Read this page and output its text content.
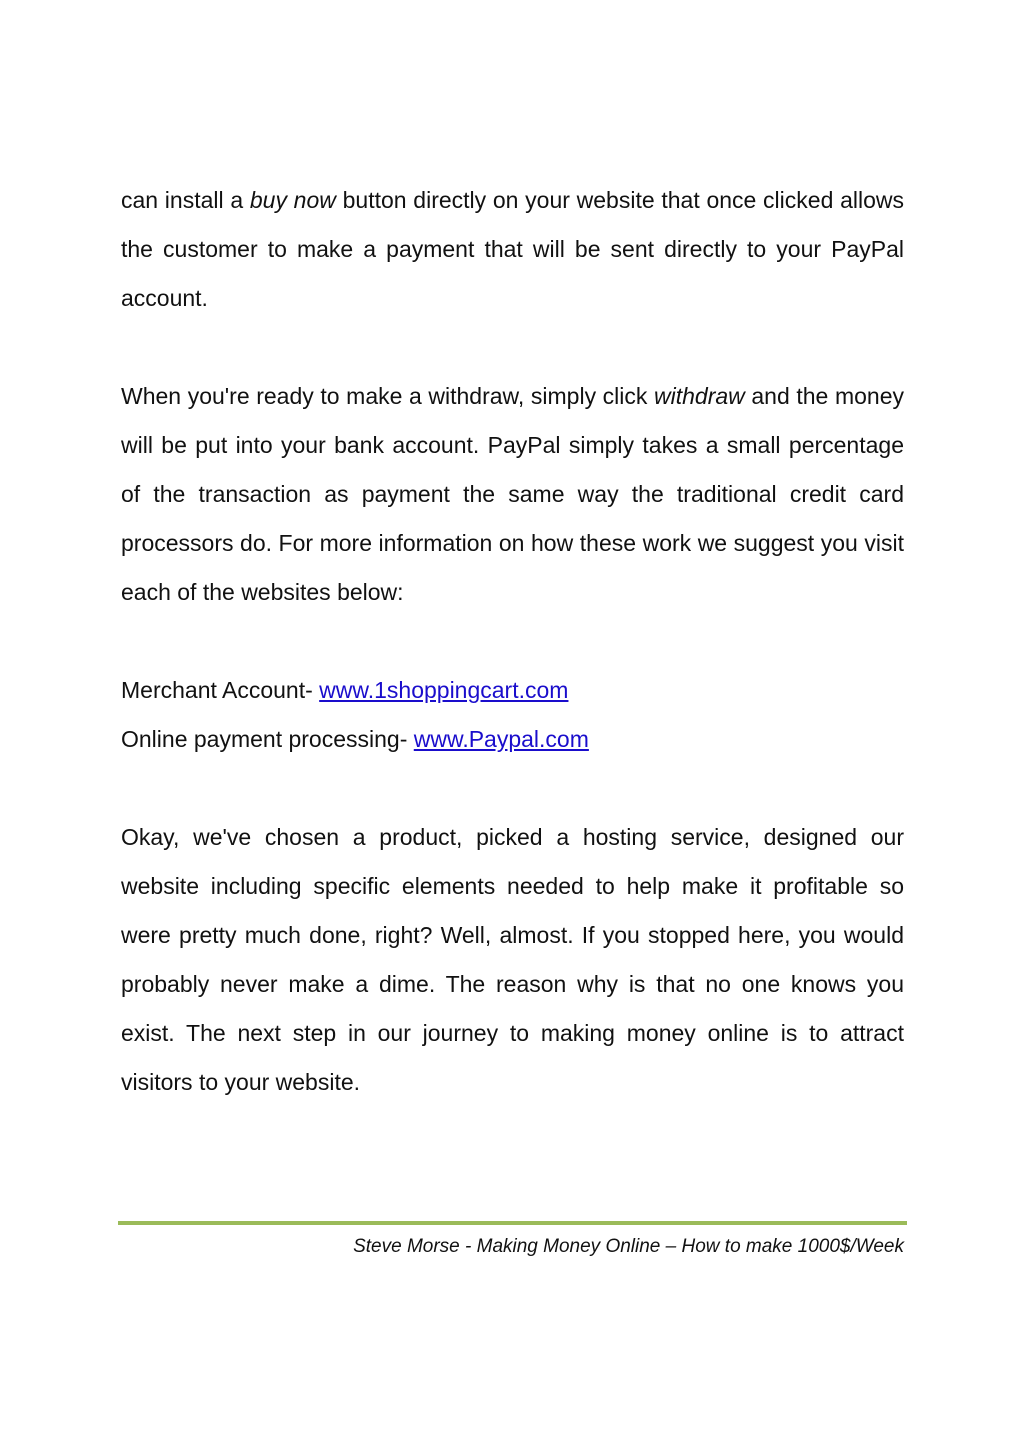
can install a buy now button directly on your website that once clicked allows the customer to make a payment that will be sent directly to your PayPal account.

When you're ready to make a withdraw, simply click withdraw and the money will be put into your bank account. PayPal simply takes a small percentage of the transaction as payment the same way the traditional credit card processors do. For more information on how these work we suggest you visit each of the websites below:

Merchant Account- www.1shoppingcart.com

Online payment processing- www.Paypal.com

Okay, we've chosen a product, picked a hosting service, designed our website including specific elements needed to help make it profitable so were pretty much done, right? Well, almost. If you stopped here, you would probably never make a dime. The reason why is that no one knows you exist. The next step in our journey to making money online is to attract visitors to your website.

Steve Morse - Making Money Online – How to make 1000$/Week
